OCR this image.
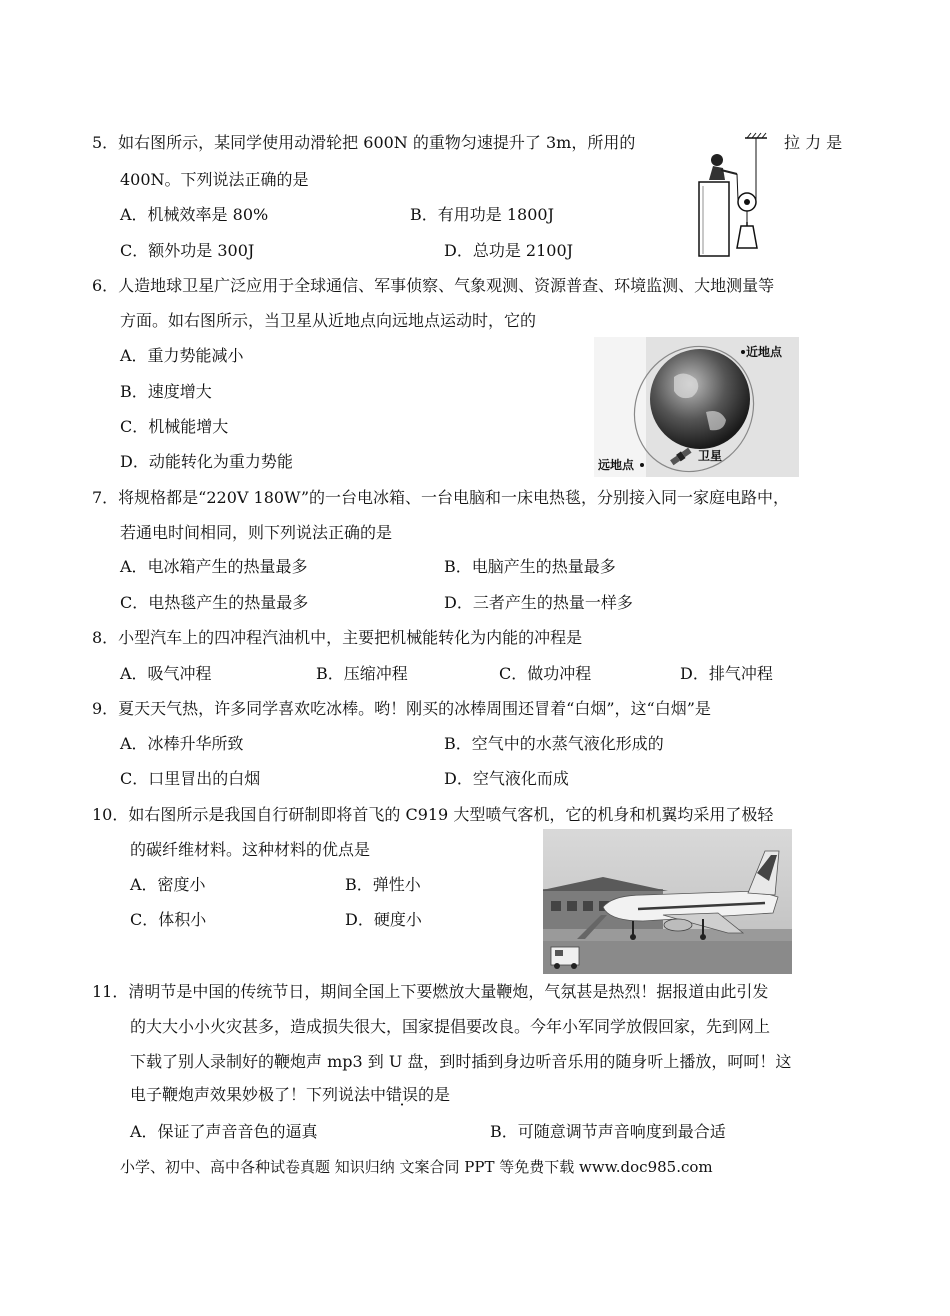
5．如右图所示，某同学使用动滑轮把 600N 的重物匀速提升了 3m，所用的	拉 力 是
400N。下列说法正确的是
A．机械效率是 80%	B．有用功是 1800J
C．额外功是 300J	D．总功是 2100J
6．人造地球卫星广泛应用于全球通信、军事侦察、气象观测、资源普查、环境监测、大地测量等
方面。如右图所示，当卫星从近地点向远地点运动时，它的
A．重力势能减小
B．速度增大
C．机械能增大
D．动能转化为重力势能
近地点
卫星
远地点
7．将规格都是“220V 180W”的一台电冰箱、一台电脑和一床电热毯，分别接入同一家庭电路中，
若通电时间相同，则下列说法正确的是
A．电冰箱产生的热量最多	B．电脑产生的热量最多
C．电热毯产生的热量最多	D．三者产生的热量一样多
8．小型汽车上的四冲程汽油机中，主要把机械能转化为内能的冲程是
A．吸气冲程	B．压缩冲程	C．做功冲程	D．排气冲程
9．夏天天气热，许多同学喜欢吃冰棒。哟！刚买的冰棒周围还冒着“白烟”，这“白烟”是
A．冰棒升华所致	B．空气中的水蒸气液化形成的
C．口里冒出的白烟	D．空气液化而成
10．如右图所示是我国自行研制即将首飞的 C919 大型喷气客机，它的机身和机翼均采用了极轻
的碳纤维材料。这种材料的优点是
A．密度小	B．弹性小
C．体积小	D．硬度小
11．清明节是中国的传统节日，期间全国上下要燃放大量鞭炮，气氛甚是热烈！据报道由此引发
的大大小小火灾甚多，造成损失很大，国家提倡要改良。今年小军同学放假回家，先到网上
下载了别人录制好的鞭炮声 mp3 到 U 盘，到时插到身边听音乐用的随身听上播放，呵呵！这
电子鞭炮声效果妙极了！下列说法中错误的是
A．保证了声音音色的逼真	B．可随意调节声音响度到最合适
小学、初中、高中各种试卷真题 知识归纳 文案合同 PPT 等免费下载 www.doc985.com
